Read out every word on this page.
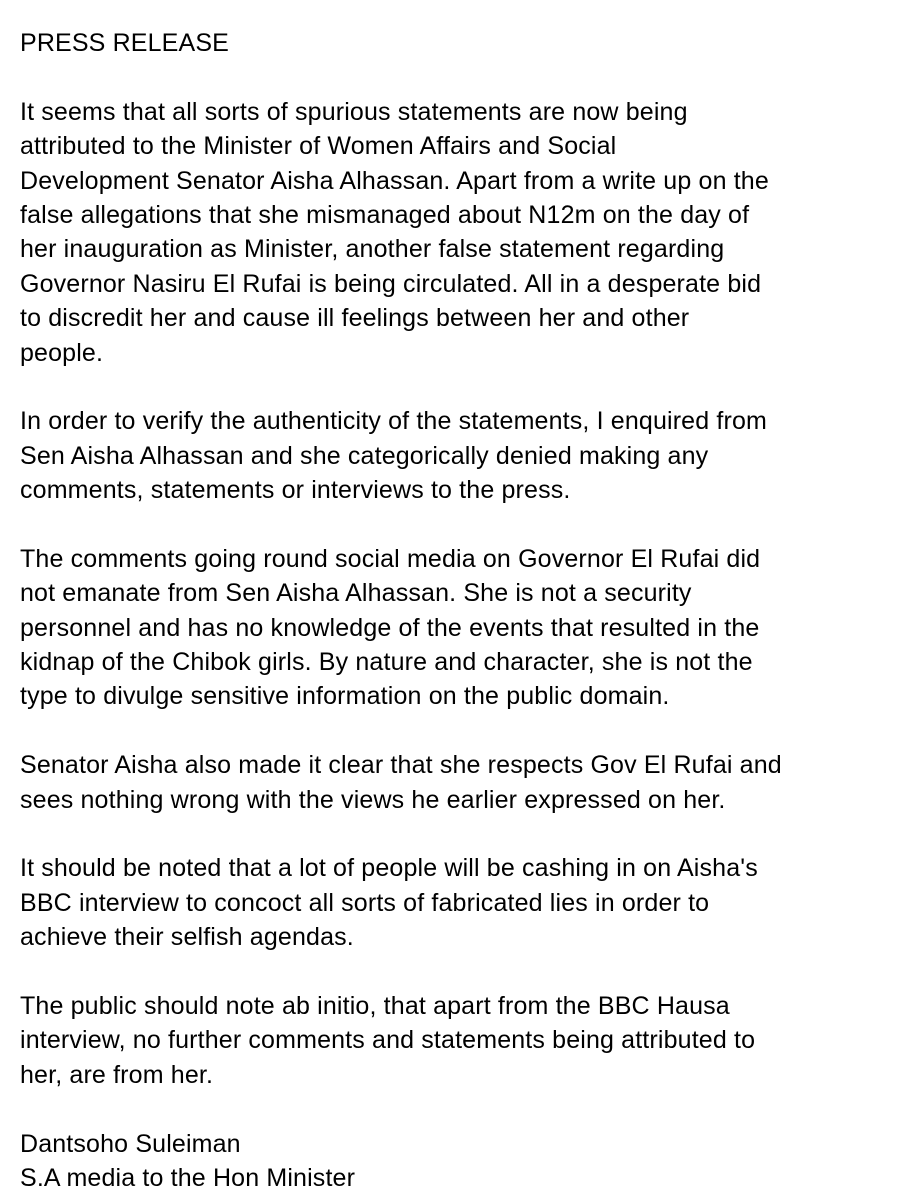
PRESS RELEASE
It seems that all sorts of spurious statements are now being
attributed to the Minister of Women Affairs and Social
Development Senator Aisha Alhassan. Apart from a write up on the
false allegations that she mismanaged about N12m on the day of
her inauguration as Minister, another false statement regarding
Governor Nasiru El Rufai is being circulated. All in a desperate bid
to discredit her and cause ill feelings between her and other
people.
In order to verify the authenticity of the statements, I enquired from
Sen Aisha Alhassan and she categorically denied making any
comments, statements or interviews to the press.
The comments going round social media on Governor El Rufai did
not emanate from Sen Aisha Alhassan. She is not a security
personnel and has no knowledge of the events that resulted in the
kidnap of the Chibok girls. By nature and character, she is not the
type to divulge sensitive information on the public domain.
Senator Aisha also made it clear that she respects Gov El Rufai and
sees nothing wrong with the views he earlier expressed on her.
It should be noted that a lot of people will be cashing in on Aisha's
BBC interview to concoct all sorts of fabricated lies in order to
achieve their selfish agendas.
The public should note ab initio, that apart from the BBC Hausa
interview, no further comments and statements being attributed to
her, are from her.
Dantsoho Suleiman
S.A media to the Hon Minister
